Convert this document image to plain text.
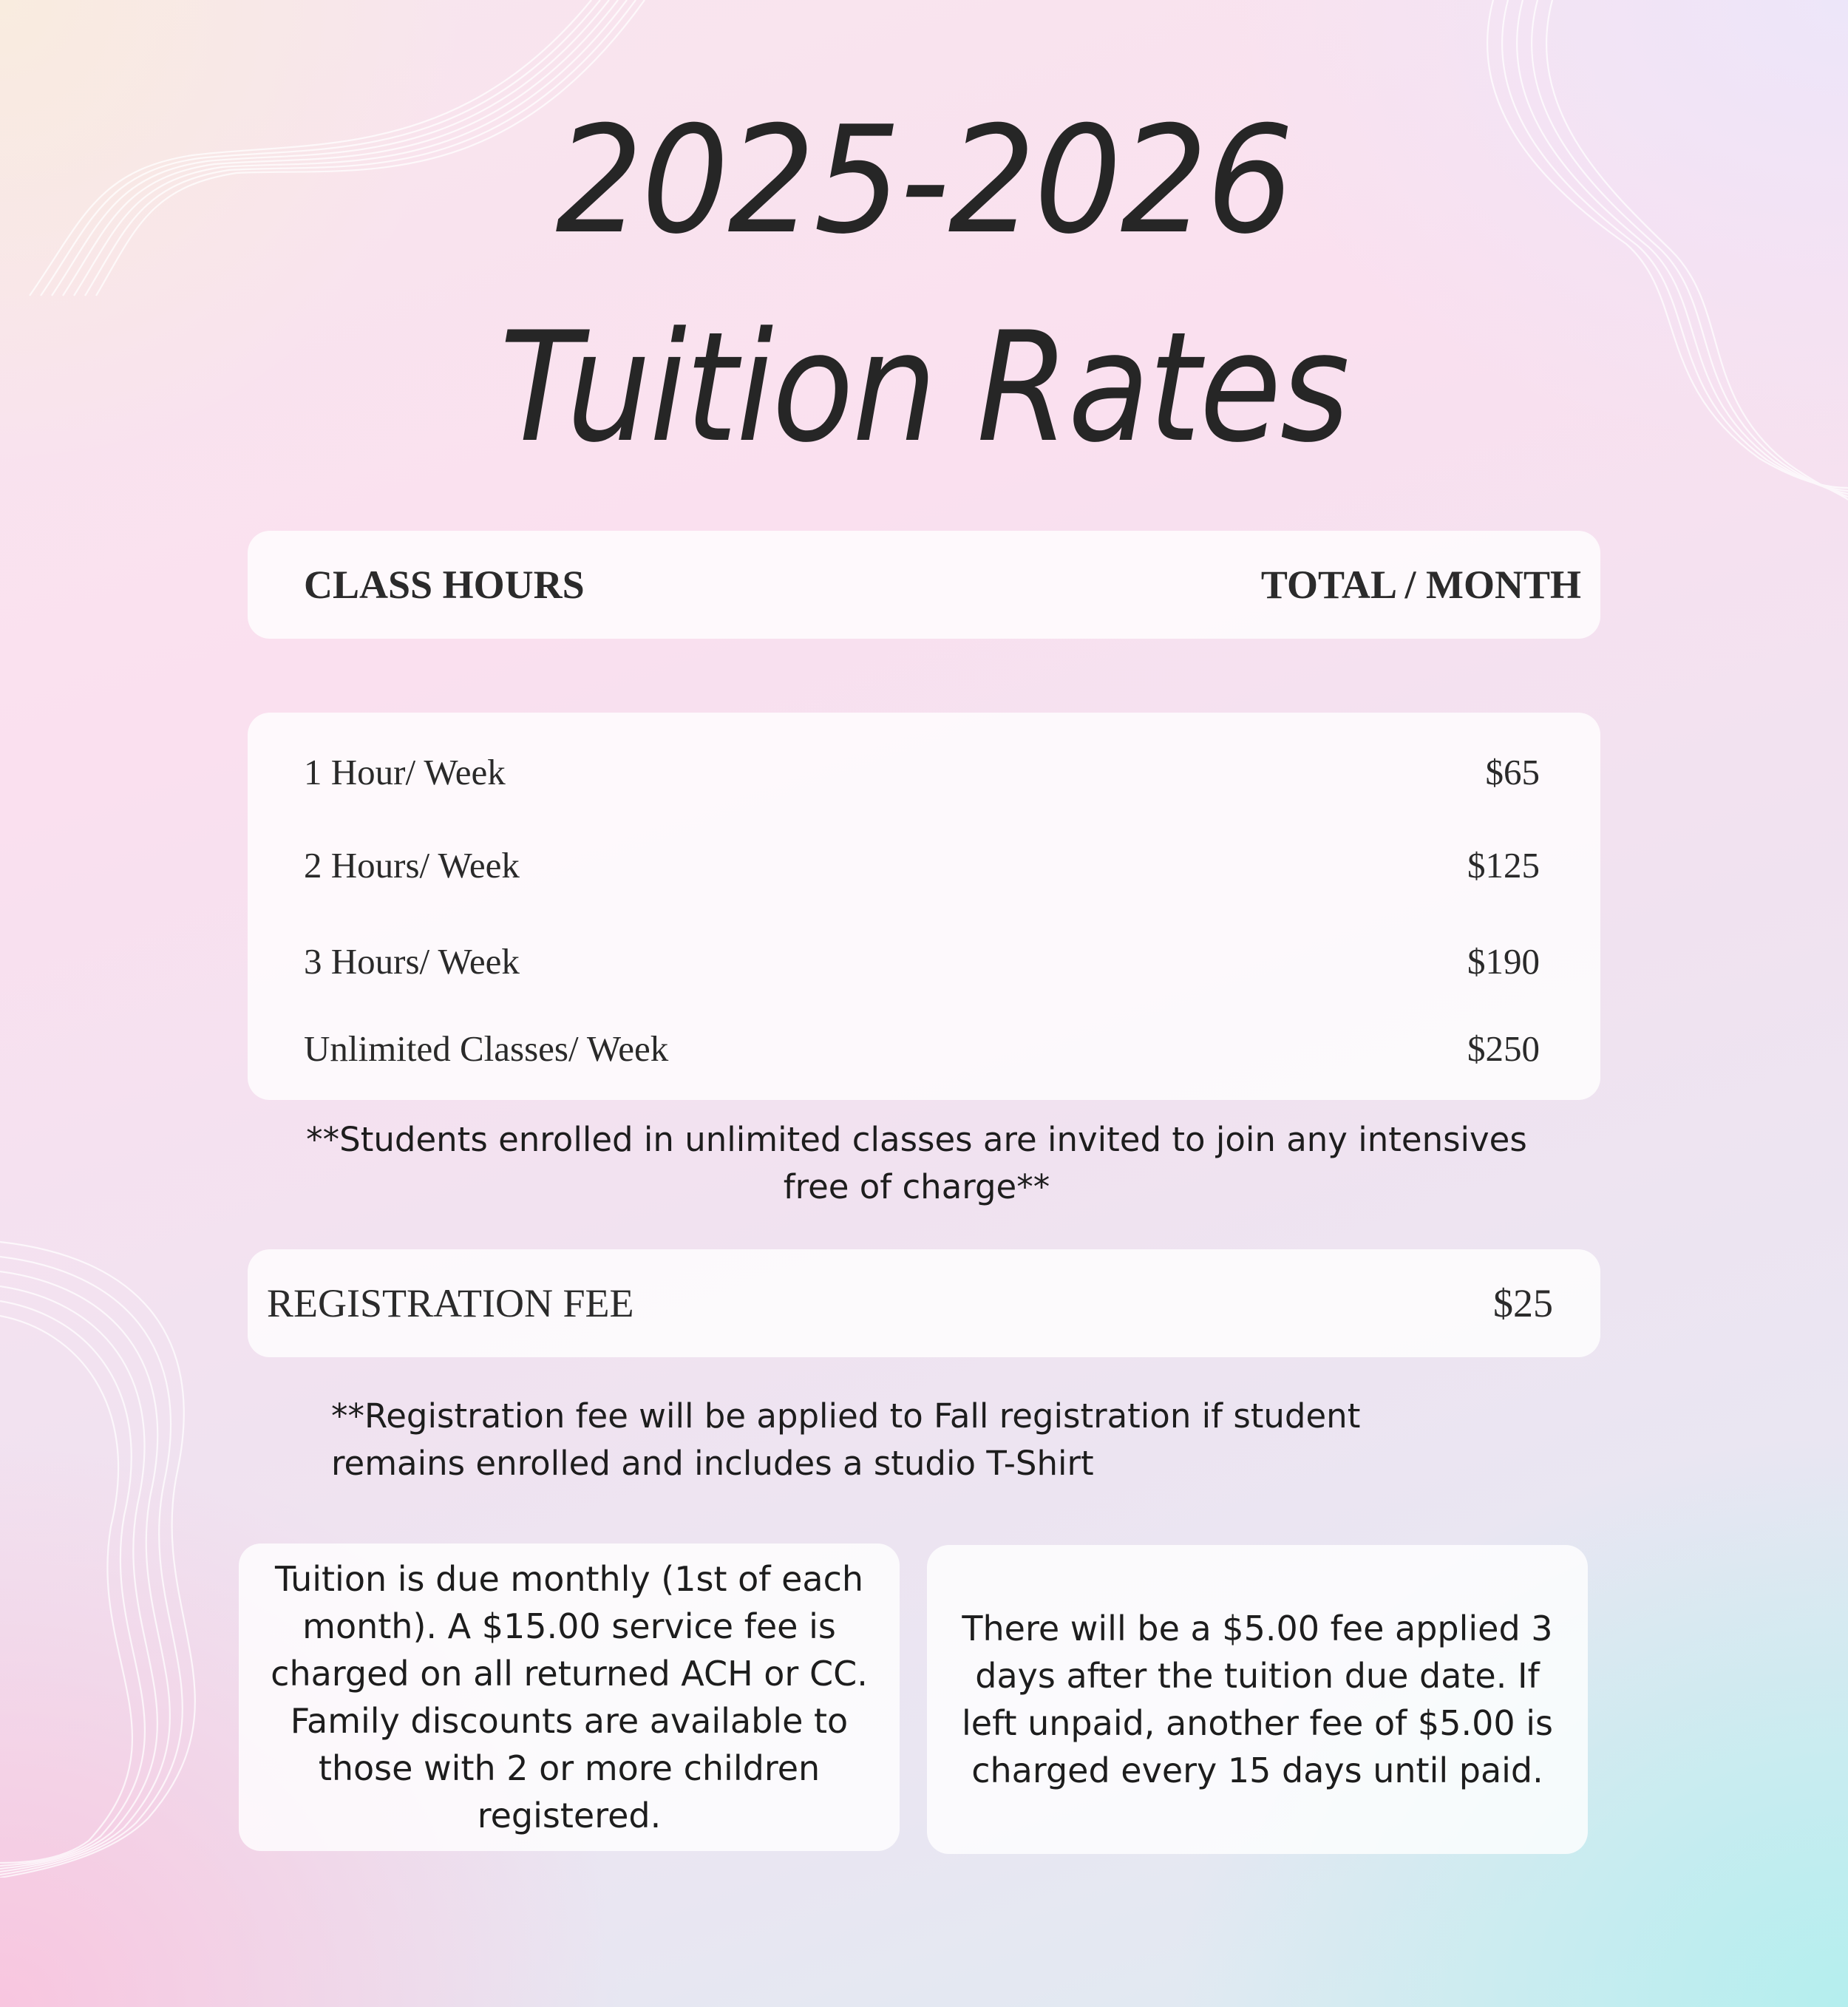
2025-2026
Tuition Rates
CLASS HOURS	TOTAL / MONTH
1 Hour/ Week	$65
2 Hours/ Week	$125
3 Hours/ Week	$190
Unlimited Classes/ Week	$250
**Students enrolled in unlimited classes are invited to join any intensives free of charge**
REGISTRATION FEE	$25
**Registration fee will be applied to Fall registration if student remains enrolled and includes a studio T-Shirt
Tuition is due monthly (1st of each month). A $15.00 service fee is charged on all returned ACH or CC. Family discounts are available to those with 2 or more children registered.
There will be a $5.00 fee applied 3 days after the tuition due date. If left unpaid, another fee of $5.00 is charged every 15 days until paid.
